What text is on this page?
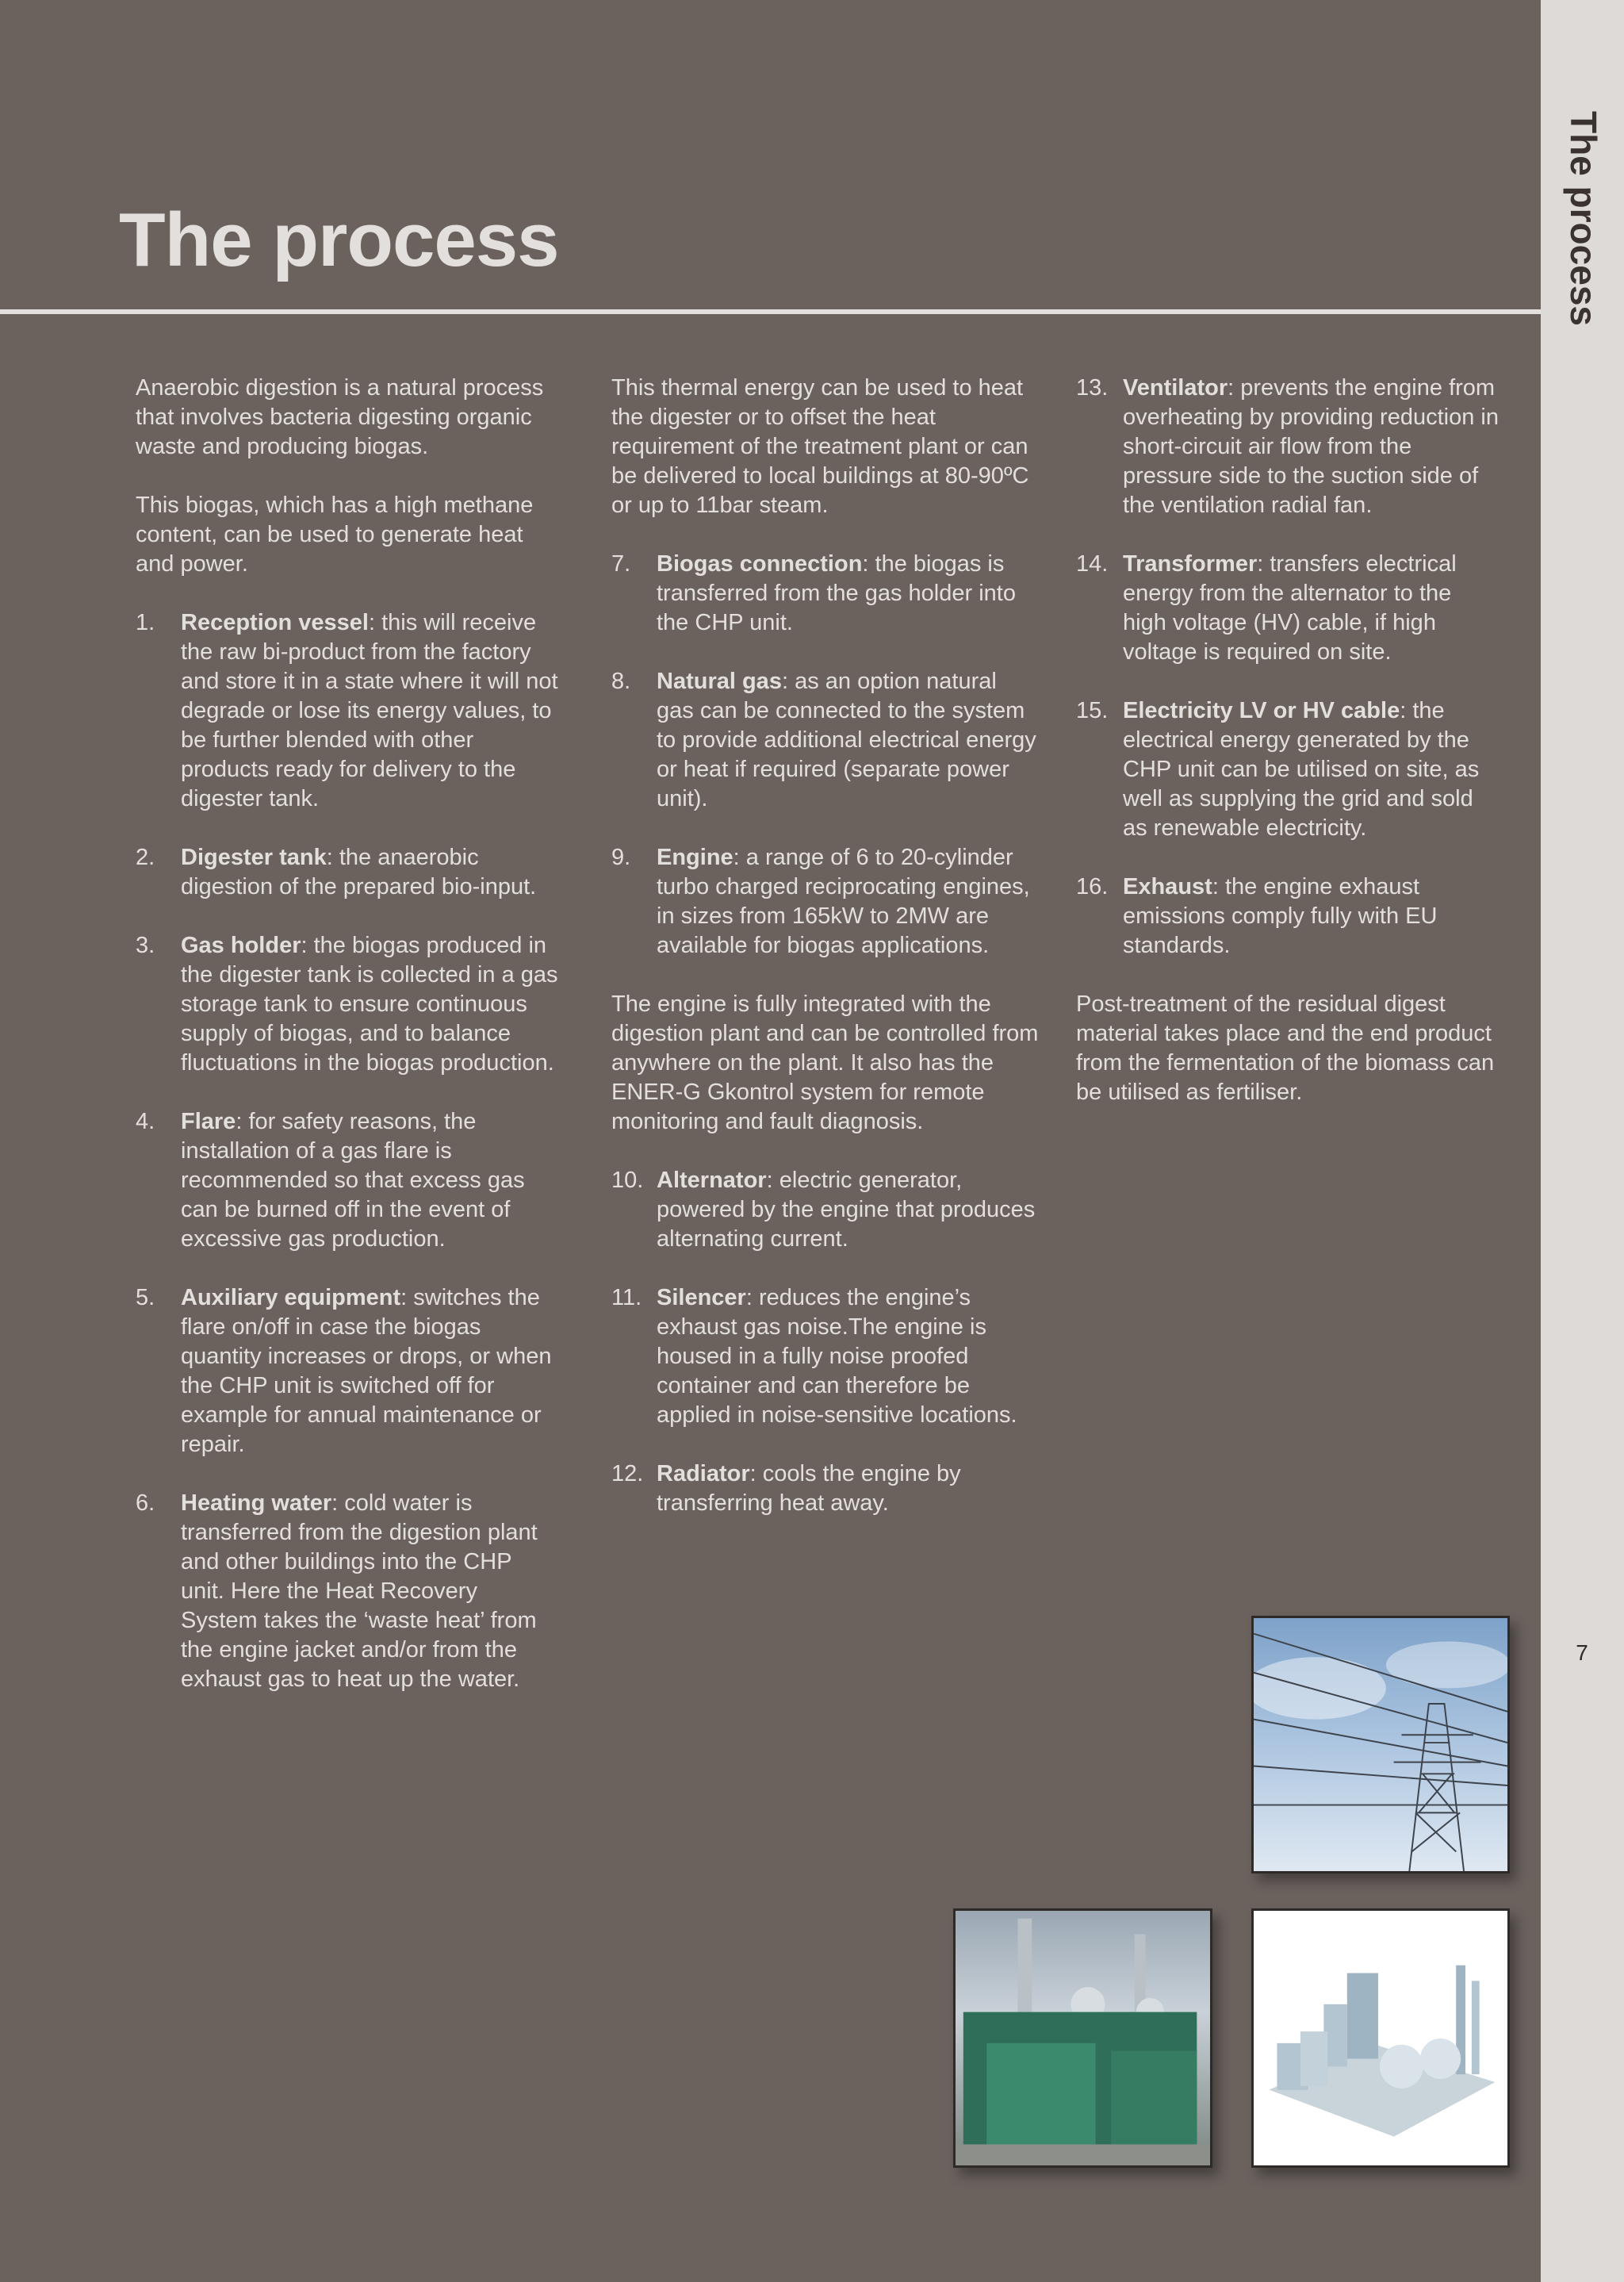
The process
7
The process

Anaerobic digestion is a natural process that involves bacteria digesting organic waste and producing biogas.

This biogas, which has a high methane content, can be used to generate heat and power.

1. Reception vessel: this will receive the raw bi-product from the factory and store it in a state where it will not degrade or lose its energy values, to be further blended with other products ready for delivery to the digester tank.
2. Digester tank: the anaerobic digestion of the prepared bio-input.
3. Gas holder: the biogas produced in the digester tank is collected in a gas storage tank to ensure continuous supply of biogas, and to balance fluctuations in the biogas production.
4. Flare: for safety reasons, the installation of a gas flare is recommended so that excess gas can be burned off in the event of excessive gas production.
5. Auxiliary equipment: switches the flare on/off in case the biogas quantity increases or drops, or when the CHP unit is switched off for example for annual maintenance or repair.
6. Heating water: cold water is transferred from the digestion plant and other buildings into the CHP unit. Here the Heat Recovery System takes the ‘waste heat’ from the engine jacket and/or from the exhaust gas to heat up the water.

This thermal energy can be used to heat the digester or to offset the heat requirement of the treatment plant or can be delivered to local buildings at 80-90ºC or up to 11bar steam.

7. Biogas connection: the biogas is transferred from the gas holder into the CHP unit.
8. Natural gas: as an option natural gas can be connected to the system to provide additional electrical energy or heat if required (separate power unit).
9. Engine: a range of 6 to 20-cylinder turbo charged reciprocating engines, in sizes from 165kW to 2MW are available for biogas applications.

The engine is fully integrated with the digestion plant and can be controlled from anywhere on the plant. It also has the ENER-G Gkontrol system for remote monitoring and fault diagnosis.

10. Alternator: electric generator, powered by the engine that produces alternating current.
11. Silencer: reduces the engine’s exhaust gas noise.The engine is housed in a fully noise proofed container and can therefore be applied in noise-sensitive locations.
12. Radiator: cools the engine by transferring heat away.
13. Ventilator: prevents the engine from overheating by providing reduction in short-circuit air flow from the pressure side to the suction side of the ventilation radial fan.
14. Transformer: transfers electrical energy from the alternator to the high voltage (HV) cable, if high voltage is required on site.
15. Electricity LV or HV cable: the electrical energy generated by the CHP unit can be utilised on site, as well as supplying the grid and sold as renewable electricity.
16. Exhaust: the engine exhaust emissions comply fully with EU standards.

Post-treatment of the residual digest material takes place and the end product from the fermentation of the biomass can be utilised as fertiliser.
